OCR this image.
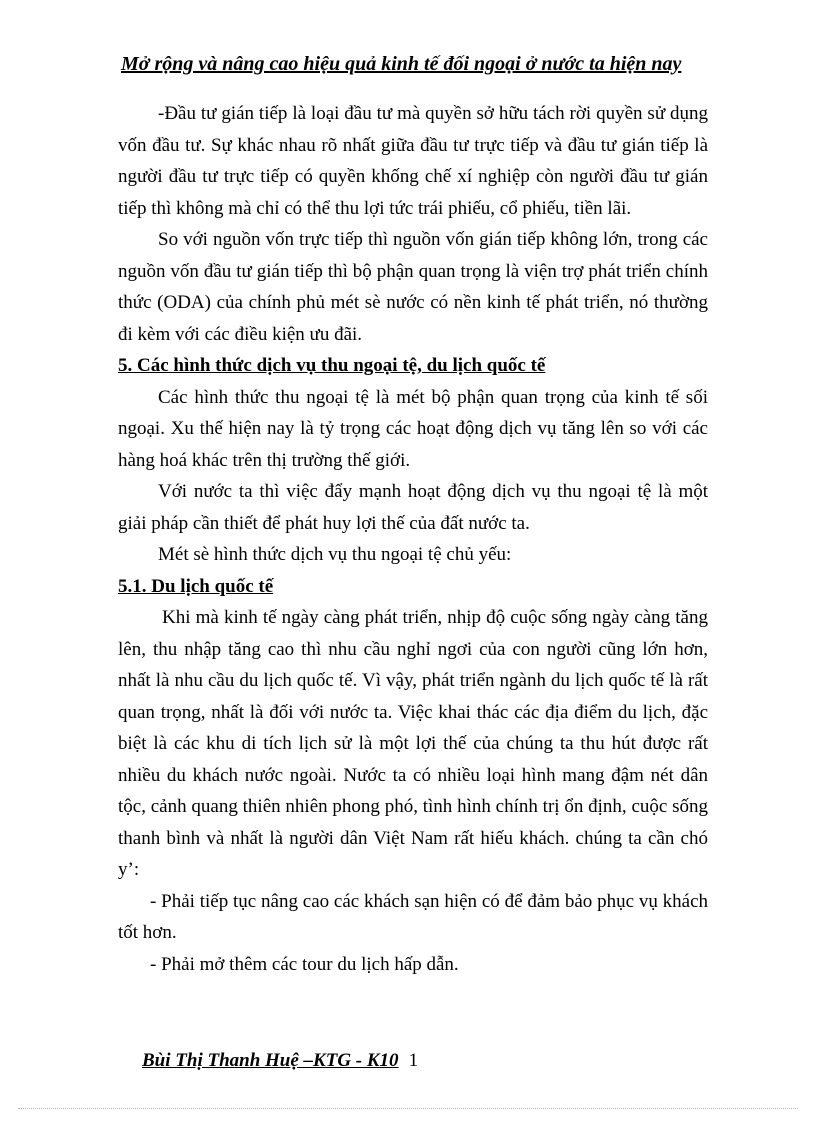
Mở rộng và nâng cao hiệu quả kinh tế đối ngoại ở nước ta hiện nay

-Đầu tư gián tiếp là loại đầu tư mà quyền sở hữu tách rời quyền sử dụng vốn đầu tư. Sự khác nhau rõ nhất giữa đầu tư trực tiếp và đầu tư gián tiếp là người đầu tư trực tiếp có quyền khống chế xí nghiệp còn người đầu tư gián tiếp thì không mà chỉ có thể thu lợi tức trái phiếu, cổ phiếu, tiền lãi.

So với nguồn vốn trực tiếp thì nguồn vốn gián tiếp không lớn, trong các nguồn vốn đầu tư gián tiếp thì bộ phận quan trọng là viện trợ phát triển chính thức (ODA) của chính phủ mét sè nước có nền kinh tế phát triển, nó thường đi kèm với các điều kiện ưu đãi.

5. Các hình thức dịch vụ thu ngoại tệ, du lịch quốc tế

Các hình thức thu ngoại tệ là mét bộ phận quan trọng của kinh tế sối ngoại. Xu thế hiện nay là tỷ trọng các hoạt động dịch vụ tăng lên so với các hàng hoá khác trên thị trường thế giới.

Với nước ta thì việc đẩy mạnh hoạt động dịch vụ thu ngoại tệ là một giải pháp cần thiết để phát huy lợi thế của đất nước ta.

Mét sè hình thức dịch vụ thu ngoại tệ chủ yếu:

5.1. Du lịch quốc tế

Khi mà kinh tế ngày càng phát triển, nhịp độ cuộc sống ngày càng tăng lên, thu nhập tăng cao thì nhu cầu nghỉ ngơi của con người cũng lớn hơn, nhất là nhu cầu du lịch quốc tế. Vì vậy, phát triển ngành du lịch quốc tế là rất quan trọng, nhất là đối với nước ta. Việc khai thác các địa điểm du lịch, đặc biệt là các khu di tích lịch sử là một lợi thế của chúng ta thu hút được rất nhiều du khách nước ngoài. Nước ta có nhiều loại hình mang đậm nét dân tộc, cảnh quang thiên nhiên phong phó, tình hình chính trị ổn định, cuộc sống thanh bình và nhất là người dân Việt Nam rất hiếu khách. chúng ta cần chó y’:

- Phải tiếp tục nâng cao các khách sạn hiện có để đảm bảo phục vụ khách tốt hơn.

- Phải mở thêm các tour du lịch hấp dẫn.

Bùi Thị Thanh Huệ –KTG - K10 1
